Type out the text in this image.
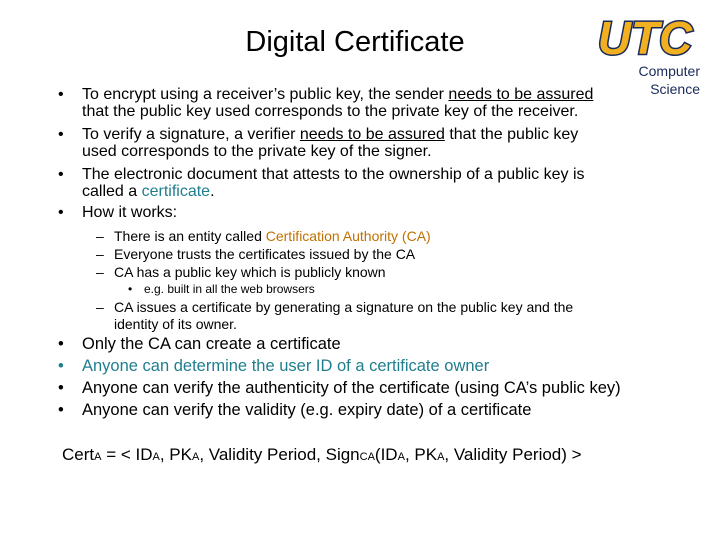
Digital Certificate	UTC
Computer Science
• To encrypt using a receiver’s public key, the sender needs to be assured
that the public key used corresponds to the private key of the receiver.
• To verify a signature, a verifier needs to be assured that the public key
used corresponds to the private key of the signer.
• The electronic document that attests to the ownership of a public key is
called a certificate.
• How it works:
– There is an entity called Certification Authority (CA)
– Everyone trusts the certificates issued by the CA
– CA has a public key which is publicly known
• e.g. built in all the web browsers
– CA issues a certificate by generating a signature on the public key and the
identity of its owner.
• Only the CA can create a certificate
• Anyone can determine the user ID of a certificate owner
• Anyone can verify the authenticity of the certificate (using CA’s public key)
• Anyone can verify the validity (e.g. expiry date) of a certificate
CertA = < IDA, PKA, Validity Period, SignCA(IDA, PKA, Validity Period) >
